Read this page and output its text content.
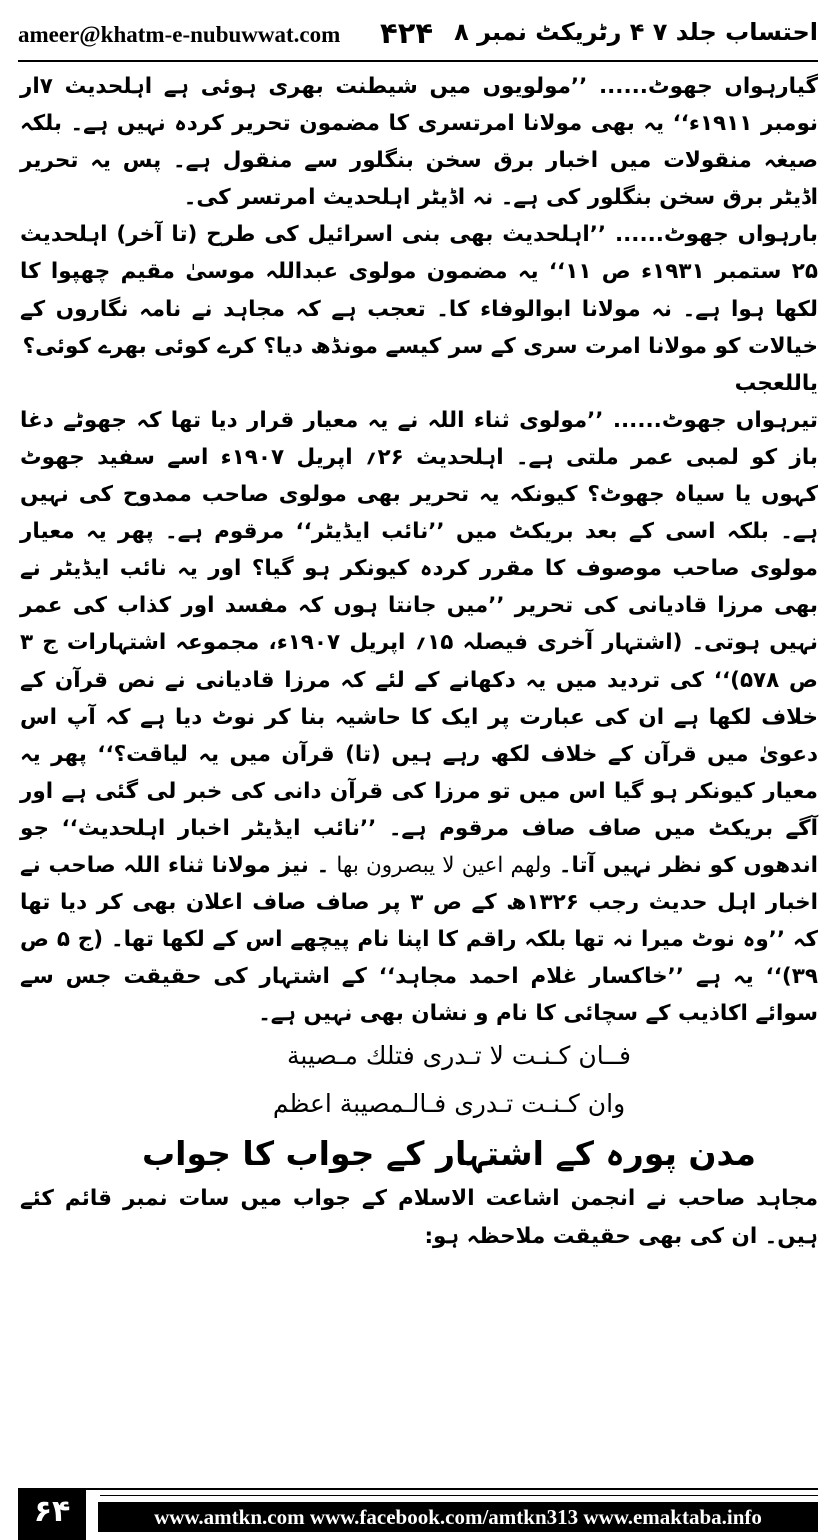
ameer@khatm-e-nubuwwat.com ۴۲۴ احتساب جلد ۷ ۴ رٹریکٹ نمبر ۸

گیارہواں جھوٹ...... ’’مولویوں میں شیطنت بھری ہوئی ہے اہلحدیث ۷ار نومبر ۱۹۱۱ء‘‘ یہ بھی مولانا امرتسری کا مضمون تحریر کردہ نہیں ہے۔ بلکہ صیغہ منقولات میں اخبار برق سخن بنگلور سے منقول ہے۔ پس یہ تحریر اڈیٹر برق سخن بنگلور کی ہے۔ نہ اڈیٹر اہلحدیث امرتسر کی۔

بارہواں جھوٹ...... ’’اہلحدیث بھی بنی اسرائیل کی طرح (تا آخر) اہلحدیث ۲۵ ستمبر ۱۹۳۱ء ص ۱۱‘‘ یہ مضمون مولوی عبداللہ موسیٰ مقیم چھپوا کا لکھا ہوا ہے۔ نہ مولانا ابوالوفاء کا۔ تعجب ہے کہ مجاہد نے نامہ نگاروں کے خیالات کو مولانا امرت سری کے سر کیسے مونڈھ دیا؟ کرے کوئی بھرے کوئی؟

یاللعجب

تیرہواں جھوٹ...... ’’مولوی ثناء اللہ نے یہ معیار قرار دیا تھا کہ جھوٹے دغا باز کو لمبی عمر ملتی ہے۔ اہلحدیث ۲۶؍ اپریل ۱۹۰۷ء اسے سفید جھوٹ کہوں یا سیاہ جھوٹ؟ کیونکہ یہ تحریر بھی مولوی صاحب ممدوح کی نہیں ہے۔ بلکہ اسی کے بعد بریکٹ میں ’’نائب ایڈیٹر‘‘ مرقوم ہے۔ پھر یہ معیار مولوی صاحب موصوف کا مقرر کردہ کیونکر ہو گیا؟ اور یہ نائب ایڈیٹر نے بھی مرزا قادیانی کی تحریر ’’میں جانتا ہوں کہ مفسد اور کذاب کی عمر نہیں ہوتی۔ (اشتہار آخری فیصلہ ۱۵؍ اپریل ۱۹۰۷ء، مجموعہ اشتہارات ج ۳ ص ۵۷۸)‘‘ کی تردید میں یہ دکھانے کے لئے کہ مرزا قادیانی نے نص قرآن کے خلاف لکھا ہے ان کی عبارت پر ایک کا حاشیہ بنا کر نوٹ دیا ہے کہ آپ اس دعویٰ میں قرآن کے خلاف لکھ رہے ہیں (تا) قرآن میں یہ لیاقت؟‘‘ پھر یہ معیار کیونکر ہو گیا اس میں تو مرزا کی قرآن دانی کی خبر لی گئی ہے اور آگے بریکٹ میں صاف صاف مرقوم ہے۔ ’’نائب ایڈیٹر اخبار اہلحدیث‘‘ جو اندھوں کو نظر نہیں آتا۔ ولهم اعين لا يبصرون بها ۔ نیز مولانا ثناء اللہ صاحب نے اخبار اہل حدیث رجب ۱۳۲۶ھ کے ص ۳ پر صاف صاف اعلان بھی کر دیا تھا کہ ’’وہ نوٹ میرا نہ تھا بلکہ راقم کا اپنا نام پیچھے اس کے لکھا تھا۔ (ج ۵ ص ۳۹)‘‘ یہ ہے ’’خاکسار غلام احمد مجاہد‘‘ کے اشتہار کی حقیقت جس سے سوائے اکاذیب کے سچائی کا نام و نشان بھی نہیں ہے۔

فــان كـنـت لا تـدرى فتلك مـصيبة

وان كـنـت تـدرى فـالـمصيبة اعظم

مدن پورہ کے اشتہار کے جواب کا جواب

مجاہد صاحب نے انجمن اشاعت الاسلام کے جواب میں سات نمبر قائم کئے ہیں۔ ان کی بھی حقیقت ملاحظہ ہو:

۶۴	www.amtkn.com www.facebook.com/amtkn313 www.emaktaba.info
